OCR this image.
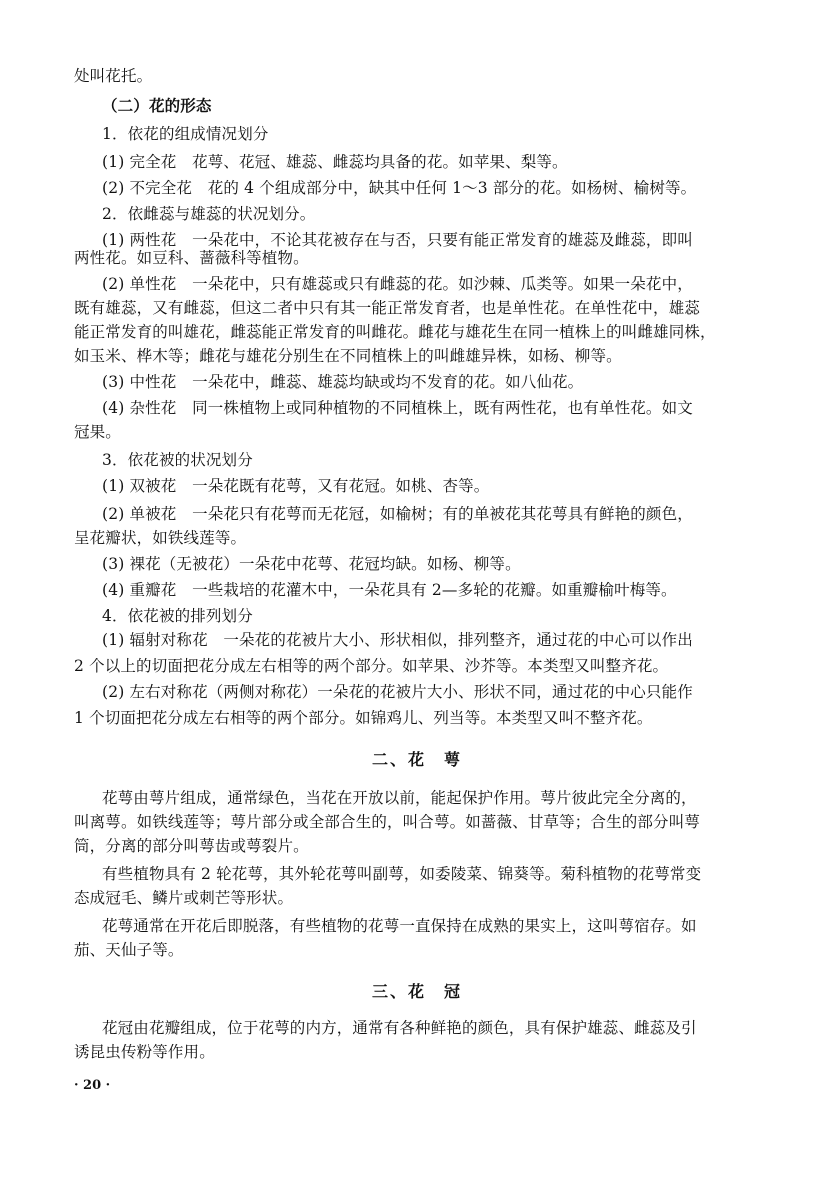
处叫花托。
（二）花的形态
1．依花的组成情况划分
(1) 完全花　花萼、花冠、雄蕊、雌蕊均具备的花。如苹果、梨等。
(2) 不完全花　花的 4 个组成部分中，缺其中任何 1～3 部分的花。如杨树、榆树等。
2．依雌蕊与雄蕊的状况划分。
(1) 两性花　一朵花中，不论其花被存在与否，只要有能正常发育的雄蕊及雌蕊，即叫
两性花。如豆科、蔷薇科等植物。
(2) 单性花　一朵花中，只有雄蕊或只有雌蕊的花。如沙棘、瓜类等。如果一朵花中，
既有雄蕊，又有雌蕊，但这二者中只有其一能正常发育者，也是单性花。在单性花中，雄蕊
能正常发育的叫雄花，雌蕊能正常发育的叫雌花。雌花与雄花生在同一植株上的叫雌雄同株，
如玉米、桦木等；雌花与雄花分别生在不同植株上的叫雌雄异株，如杨、柳等。
(3) 中性花　一朵花中，雌蕊、雄蕊均缺或均不发育的花。如八仙花。
(4) 杂性花　同一株植物上或同种植物的不同植株上，既有两性花，也有单性花。如文
冠果。
3．依花被的状况划分
(1) 双被花　一朵花既有花萼，又有花冠。如桃、杏等。
(2) 单被花　一朵花只有花萼而无花冠，如榆树；有的单被花其花萼具有鲜艳的颜色，
呈花瓣状，如铁线莲等。
(3) 裸花（无被花）一朵花中花萼、花冠均缺。如杨、柳等。
(4) 重瓣花　一些栽培的花灌木中，一朵花具有 2—多轮的花瓣。如重瓣榆叶梅等。
4．依花被的排列划分
(1) 辐射对称花　一朵花的花被片大小、形状相似，排列整齐，通过花的中心可以作出
2 个以上的切面把花分成左右相等的两个部分。如苹果、沙芥等。本类型又叫整齐花。
(2) 左右对称花（两侧对称花）一朵花的花被片大小、形状不同，通过花的中心只能作
1 个切面把花分成左右相等的两个部分。如锦鸡儿、列当等。本类型又叫不整齐花。
二、花　萼
花萼由萼片组成，通常绿色，当花在开放以前，能起保护作用。萼片彼此完全分离的，
叫离萼。如铁线莲等；萼片部分或全部合生的，叫合萼。如蔷薇、甘草等；合生的部分叫萼
筒，分离的部分叫萼齿或萼裂片。
有些植物具有 2 轮花萼，其外轮花萼叫副萼，如委陵菜、锦葵等。菊科植物的花萼常变
态成冠毛、鳞片或刺芒等形状。
花萼通常在开花后即脱落，有些植物的花萼一直保持在成熟的果实上，这叫萼宿存。如
茄、天仙子等。
三、花　冠
花冠由花瓣组成，位于花萼的内方，通常有各种鲜艳的颜色，具有保护雄蕊、雌蕊及引
诱昆虫传粉等作用。
· 20 ·
